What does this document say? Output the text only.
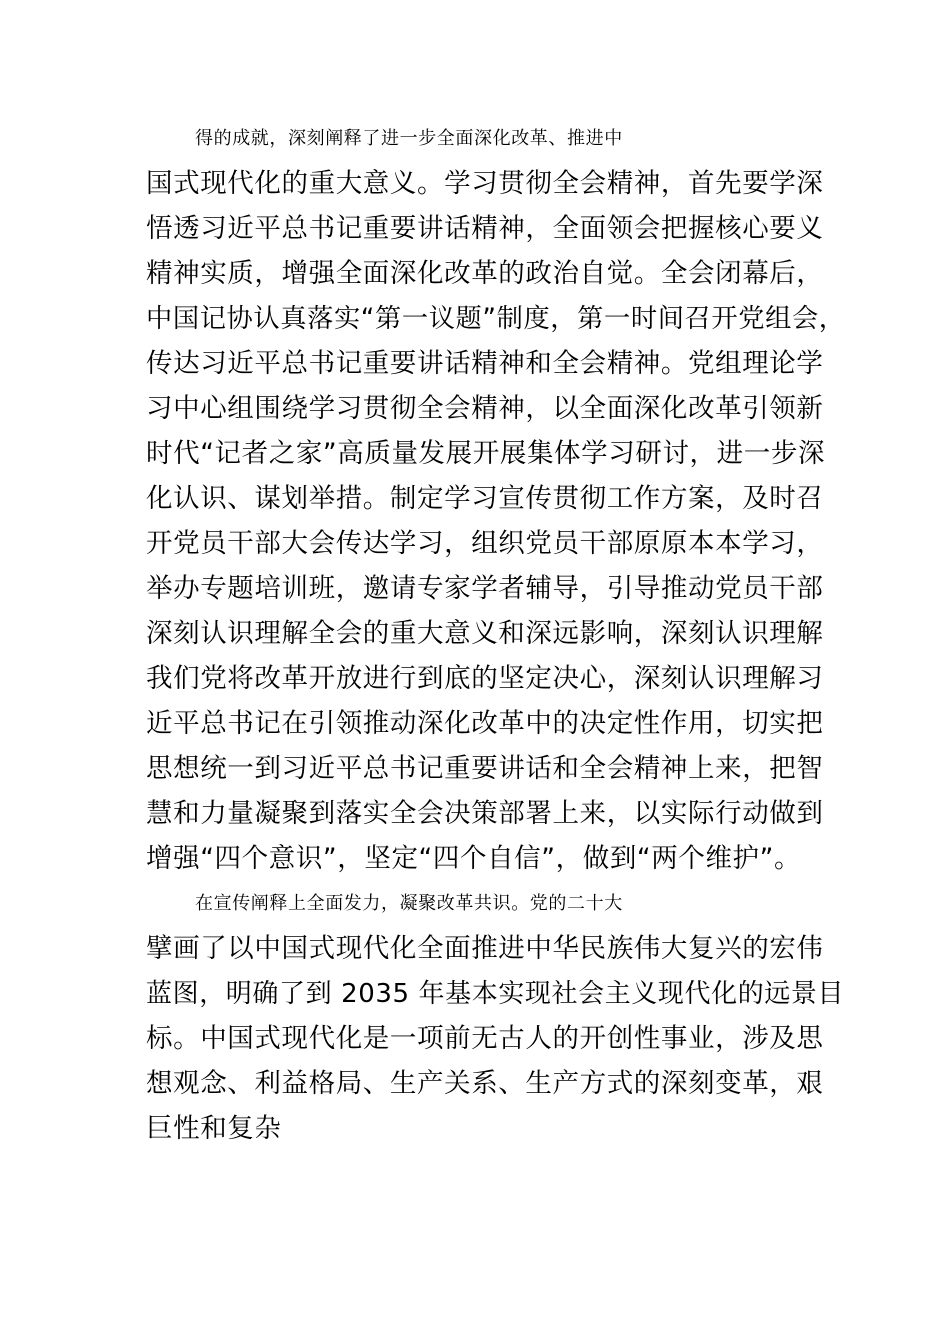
得的成就，深刻阐释了进一步全面深化改革、推进中
国式现代化的重大意义。学习贯彻全会精神，首先要学深
悟透习近平总书记重要讲话精神，全面领会把握核心要义
精神实质，增强全面深化改革的政治自觉。全会闭幕后，
中国记协认真落实“第一议题”制度，第一时间召开党组会，
传达习近平总书记重要讲话精神和全会精神。党组理论学
习中心组围绕学习贯彻全会精神，以全面深化改革引领新
时代“记者之家”高质量发展开展集体学习研讨，进一步深
化认识、谋划举措。制定学习宣传贯彻工作方案，及时召
开党员干部大会传达学习，组织党员干部原原本本学习，
举办专题培训班，邀请专家学者辅导，引导推动党员干部
深刻认识理解全会的重大意义和深远影响，深刻认识理解
我们党将改革开放进行到底的坚定决心，深刻认识理解习
近平总书记在引领推动深化改革中的决定性作用，切实把
思想统一到习近平总书记重要讲话和全会精神上来，把智
慧和力量凝聚到落实全会决策部署上来，以实际行动做到
增强“四个意识”，坚定“四个自信”，做到“两个维护”。
在宣传阐释上全面发力，凝聚改革共识。党的二十大
擘画了以中国式现代化全面推进中华民族伟大复兴的宏伟
蓝图，明确了到 2035 年基本实现社会主义现代化的远景目
标。中国式现代化是一项前无古人的开创性事业，涉及思
想观念、利益格局、生产关系、生产方式的深刻变革，艰
巨性和复杂
